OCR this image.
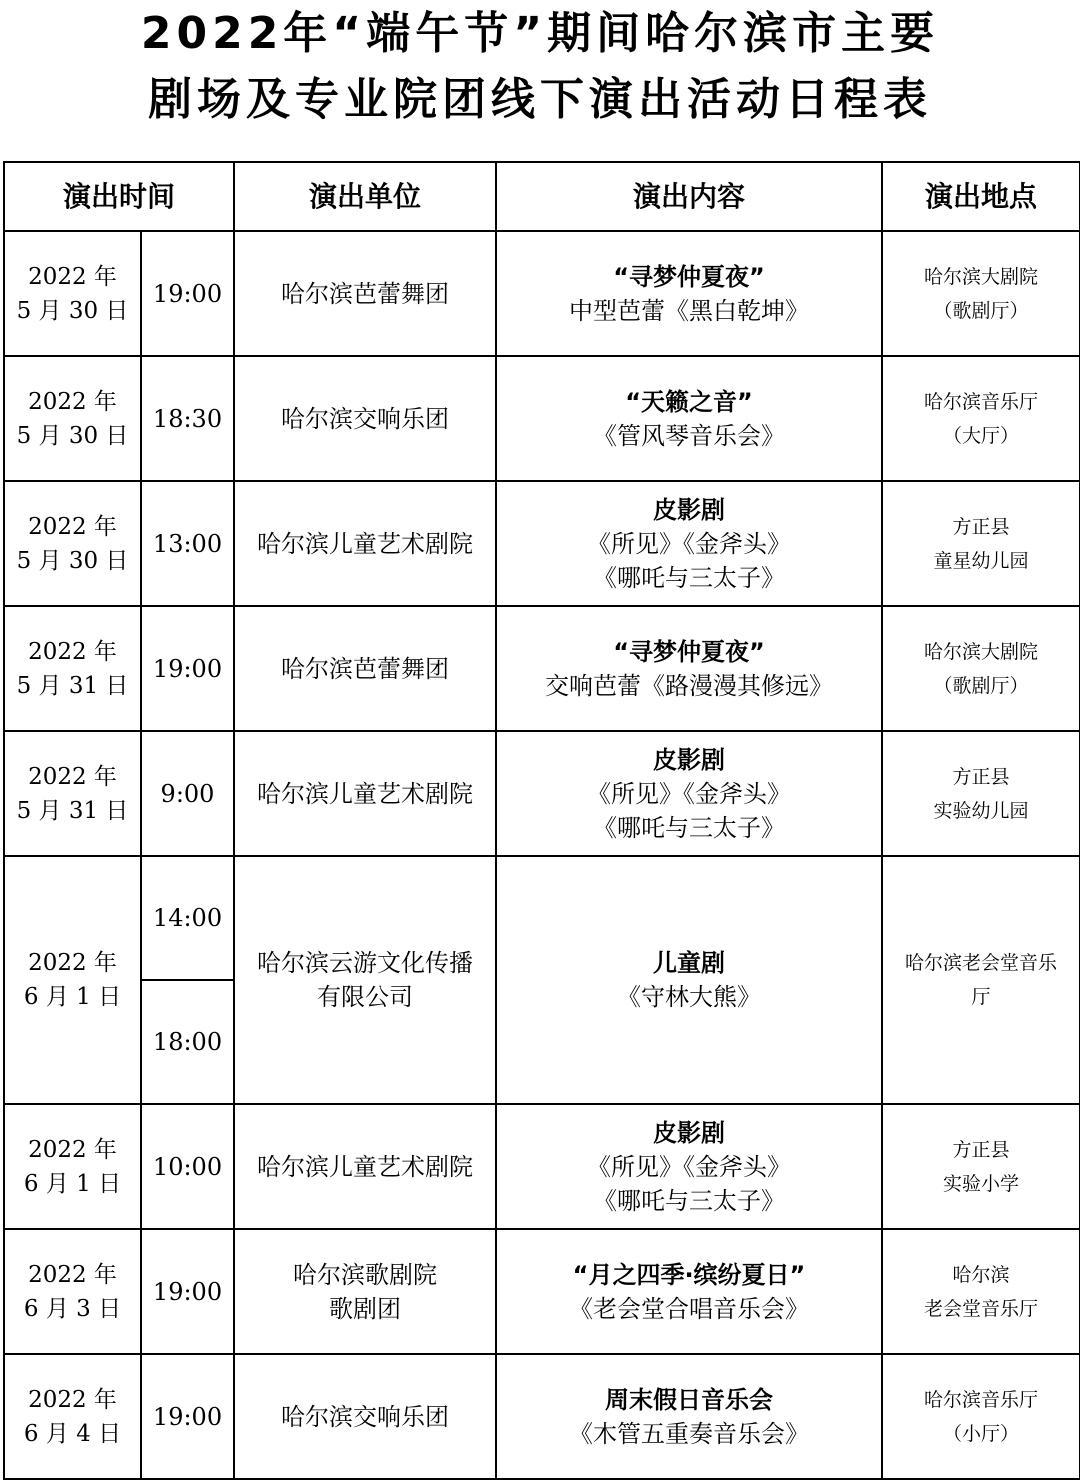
2022年“端午节”期间哈尔滨市主要
剧场及专业院团线下演出活动日程表
演出时间		演出单位	演出内容	演出地点

2022 年
5 月 30 日	19:00	哈尔滨芭蕾舞团	“寻梦仲夏夜”
中型芭蕾《黑白乾坤》	哈尔滨大剧院
（歌剧厅）

2022 年
5 月 30 日	18:30	哈尔滨交响乐团	“天籁之音”
《管风琴音乐会》	哈尔滨音乐厅
（大厅）

2022 年
5 月 30 日	13:00	哈尔滨儿童艺术剧院	皮影剧
《所见》《金斧头》
《哪吒与三太子》	方正县
童星幼儿园

2022 年
5 月 31 日	19:00	哈尔滨芭蕾舞团	“寻梦仲夏夜”
交响芭蕾《路漫漫其修远》	哈尔滨大剧院
（歌剧厅）

2022 年
5 月 31 日	9:00	哈尔滨儿童艺术剧院	皮影剧
《所见》《金斧头》
《哪吒与三太子》	方正县
实验幼儿园

2022 年
6 月 1 日	14:00	哈尔滨云游文化传播
有限公司	儿童剧
《守林大熊》	哈尔滨老会堂音乐
厅

	18:00			

2022 年
6 月 1 日	10:00	哈尔滨儿童艺术剧院	皮影剧
《所见》《金斧头》
《哪吒与三太子》	方正县
实验小学

2022 年
6 月 3 日	19:00	哈尔滨歌剧院
歌剧团	“月之四季·缤纷夏日”
《老会堂合唱音乐会》	哈尔滨
老会堂音乐厅

2022 年
6 月 4 日	19:00	哈尔滨交响乐团	周末假日音乐会
《木管五重奏音乐会》	哈尔滨音乐厅
（小厅）
